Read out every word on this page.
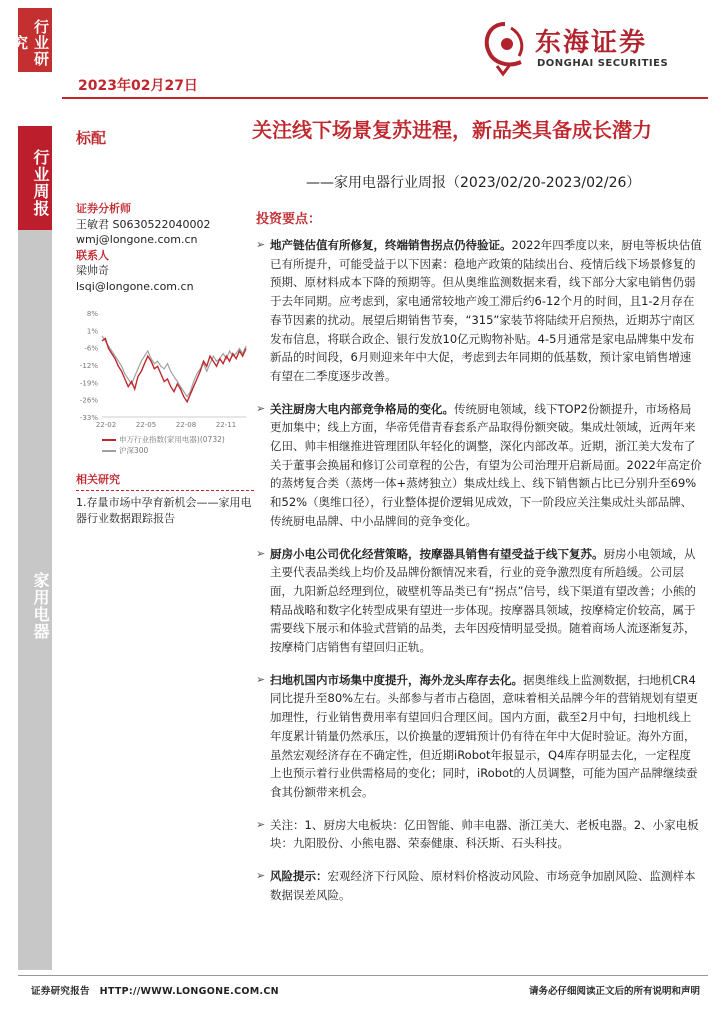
行业研究
行业周报
家用电器
2023年02月27日
东海证券
DONGHAI SECURITIES
标配	关注线下场景复苏进程，新品类具备成长潜力
——家用电器行业周报（2023/02/20-2023/02/26）
证券分析师
王敏君 S0630522040002
wmj@longone.com.cn
联系人
梁帅奇
lsqi@longone.com.cn
8%
1%
-6%
-12%
-19%
-26%
-33%
22-02	22-05	22-08	22-11
申万行业指数(家用电器)(0732)
沪深300
相关研究
1.存量市场中孕育新机会——家用电器行业数据跟踪报告
投资要点：
➢ 地产链估值有所修复，终端销售拐点仍待验证。2022年四季度以来，厨电等板块估值已有所提升，可能受益于以下因素：稳地产政策的陆续出台、疫情后线下场景修复的预期、原材料成本下降的预期等。但从奥维监测数据来看，线下部分大家电销售仍弱于去年同期。应考虑到，家电通常较地产竣工滞后约6-12个月的时间，且1-2月存在春节因素的扰动。展望后期销售节奏，“315”家装节将陆续开启预热，近期苏宁南区发布信息，将联合政企、银行发放10亿元购物补贴。4-5月通常是家电品牌集中发布新品的时间段，6月则迎来年中大促，考虑到去年同期的低基数，预计家电销售增速有望在二季度逐步改善。
➢ 关注厨房大电内部竞争格局的变化。传统厨电领域，线下TOP2份额提升，市场格局更加集中；线上方面，华帝凭借青春套系产品取得份额突破。集成灶领域，近两年来亿田、帅丰相继推进管理团队年轻化的调整，深化内部改革。近期，浙江美大发布了关于董事会换届和修订公司章程的公告，有望为公司治理开启新局面。2022年高定价的蒸烤复合类（蒸烤一体+蒸烤独立）集成灶线上、线下销售额占比已分别升至69%和52%（奥维口径），行业整体提价逻辑见成效，下一阶段应关注集成灶头部品牌、传统厨电品牌、中小品牌间的竞争变化。
➢ 厨房小电公司优化经营策略，按摩器具销售有望受益于线下复苏。厨房小电领域，从主要代表品类线上均价及品牌份额情况来看，行业的竞争激烈度有所趋缓。公司层面，九阳新总经理到位，破壁机等品类已有“拐点”信号，线下渠道有望改善；小熊的精品战略和数字化转型成果有望进一步体现。按摩器具领域，按摩椅定价较高，属于需要线下展示和体验式营销的品类，去年因疫情明显受损。随着商场人流逐渐复苏，按摩椅门店销售有望回归正轨。
➢ 扫地机国内市场集中度提升，海外龙头库存去化。据奥维线上监测数据，扫地机CR4同比提升至80%左右。头部参与者市占稳固，意味着相关品牌今年的营销规划有望更加理性，行业销售费用率有望回归合理区间。国内方面，截至2月中旬，扫地机线上年度累计销量仍然承压，以价换量的逻辑预计仍有待在年中大促时验证。海外方面，虽然宏观经济存在不确定性，但近期iRobot年报显示，Q4库存明显去化，一定程度上也预示着行业供需格局的变化；同时，iRobot的人员调整，可能为国产品牌继续蚕食其份额带来机会。
➢ 关注：1、厨房大电板块：亿田智能、帅丰电器、浙江美大、老板电器。2、小家电板块：九阳股份、小熊电器、荣泰健康、科沃斯、石头科技。
➢ 风险提示：宏观经济下行风险、原材料价格波动风险、市场竞争加剧风险、监测样本数据误差风险。
证券研究报告　HTTP://WWW.LONGONE.COM.CN	请务必仔细阅读正文后的所有说明和声明
